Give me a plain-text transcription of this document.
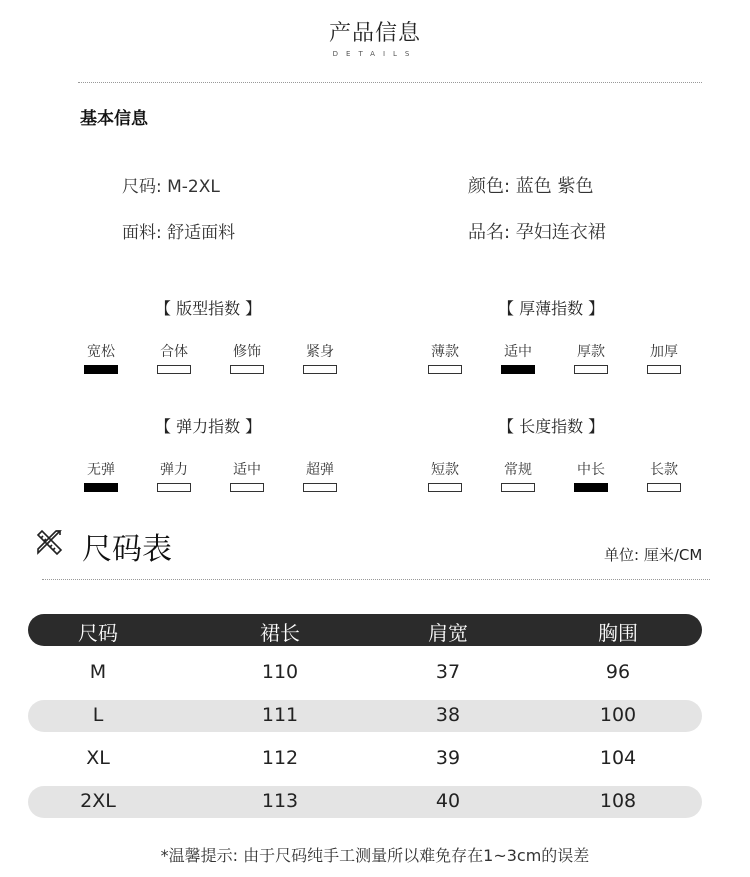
产品信息
DETAILS
基本信息
尺码: M-2XL	颜色: 蓝色 紫色
面料: 舒适面料	品名: 孕妇连衣裙
【 版型指数 】
宽松	合体	修饰	紧身
【 厚薄指数 】
薄款	适中	厚款	加厚
【 弹力指数 】
无弹	弹力	适中	超弹
【 长度指数 】
短款	常规	中长	长款
尺码表	单位: 厘米/CM
尺码	裙长	肩宽	胸围
M	110	37	96
L	111	38	100
XL	112	39	104
2XL	113	40	108
*温馨提示: 由于尺码纯手工测量所以难免存在1~3cm的误差
